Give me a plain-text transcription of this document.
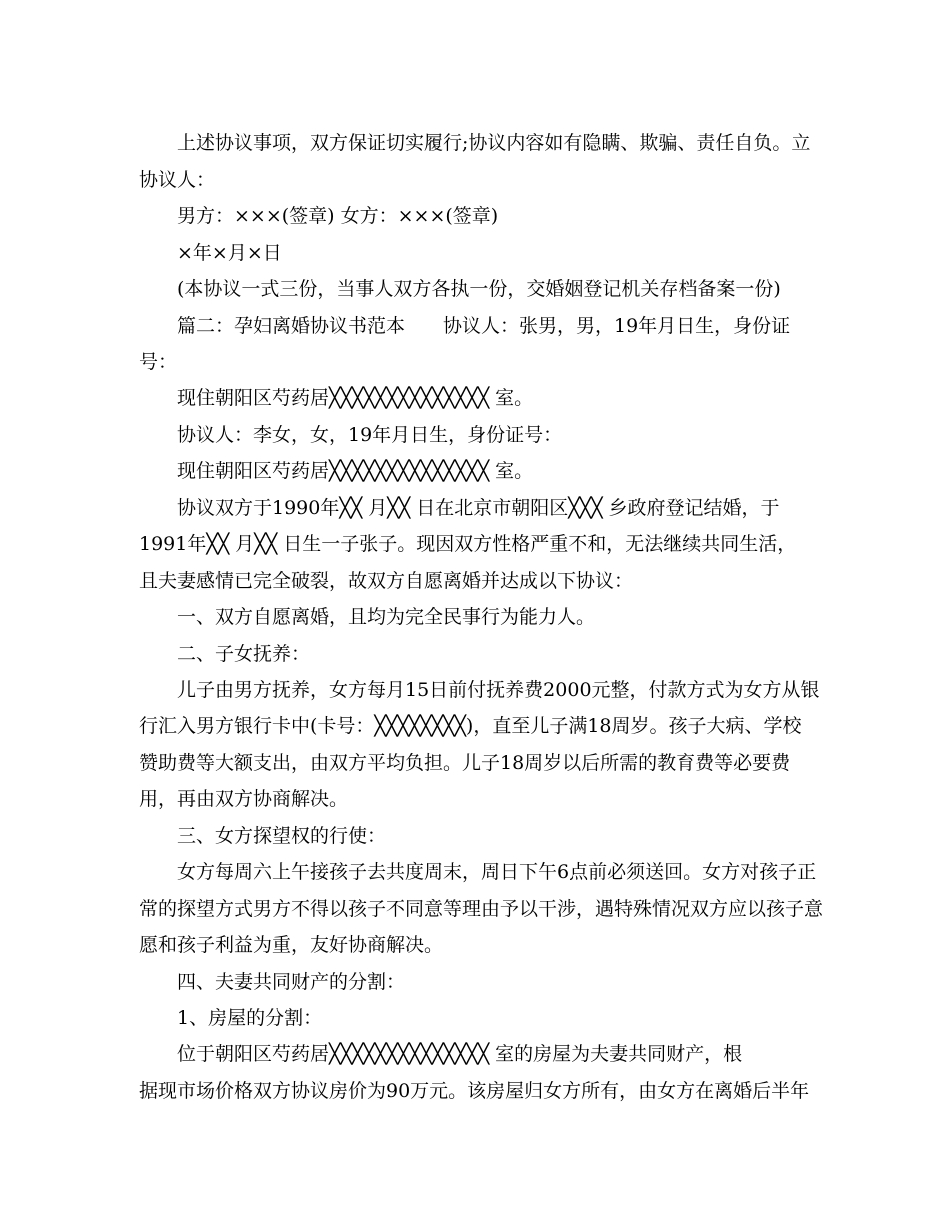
上述协议事项，双方保证切实履行;协议内容如有隐瞒、欺骗、责任自负。立
协议人：
男方：×××(签章) 女方：×××(签章)
×年×月×日
(本协议一式三份，当事人双方各执一份，交婚姻登记机关存档备案一份)
篇二：孕妇离婚协议书范本　　协议人：张男，男，19年月日生，身份证
号：
现住朝阳区芍药居╳╳╳╳╳╳╳╳╳╳╳╳╳╳ 室。
协议人：李女，女，19年月日生，身份证号：
现住朝阳区芍药居╳╳╳╳╳╳╳╳╳╳╳╳╳╳ 室。
协议双方于1990年╳╳ 月╳╳ 日在北京市朝阳区╳╳╳ 乡政府登记结婚，于
1991年╳╳ 月╳╳ 日生一子张子。现因双方性格严重不和，无法继续共同生活，
且夫妻感情已完全破裂，故双方自愿离婚并达成以下协议：
一、双方自愿离婚，且均为完全民事行为能力人。
二、子女抚养：
儿子由男方抚养，女方每月15日前付抚养费2000元整，付款方式为女方从银
行汇入男方银行卡中(卡号：╳╳╳╳╳╳╳╳)，直至儿子满18周岁。孩子大病、学校
赞助费等大额支出，由双方平均负担。儿子18周岁以后所需的教育费等必要费
用，再由双方协商解决。
三、女方探望权的行使：
女方每周六上午接孩子去共度周末，周日下午6点前必须送回。女方对孩子正
常的探望方式男方不得以孩子不同意等理由予以干涉，遇特殊情况双方应以孩子意
愿和孩子利益为重，友好协商解决。
四、夫妻共同财产的分割：
1、房屋的分割：
位于朝阳区芍药居╳╳╳╳╳╳╳╳╳╳╳╳╳╳ 室的房屋为夫妻共同财产，根
据现市场价格双方协议房价为90万元。该房屋归女方所有，由女方在离婚后半年
